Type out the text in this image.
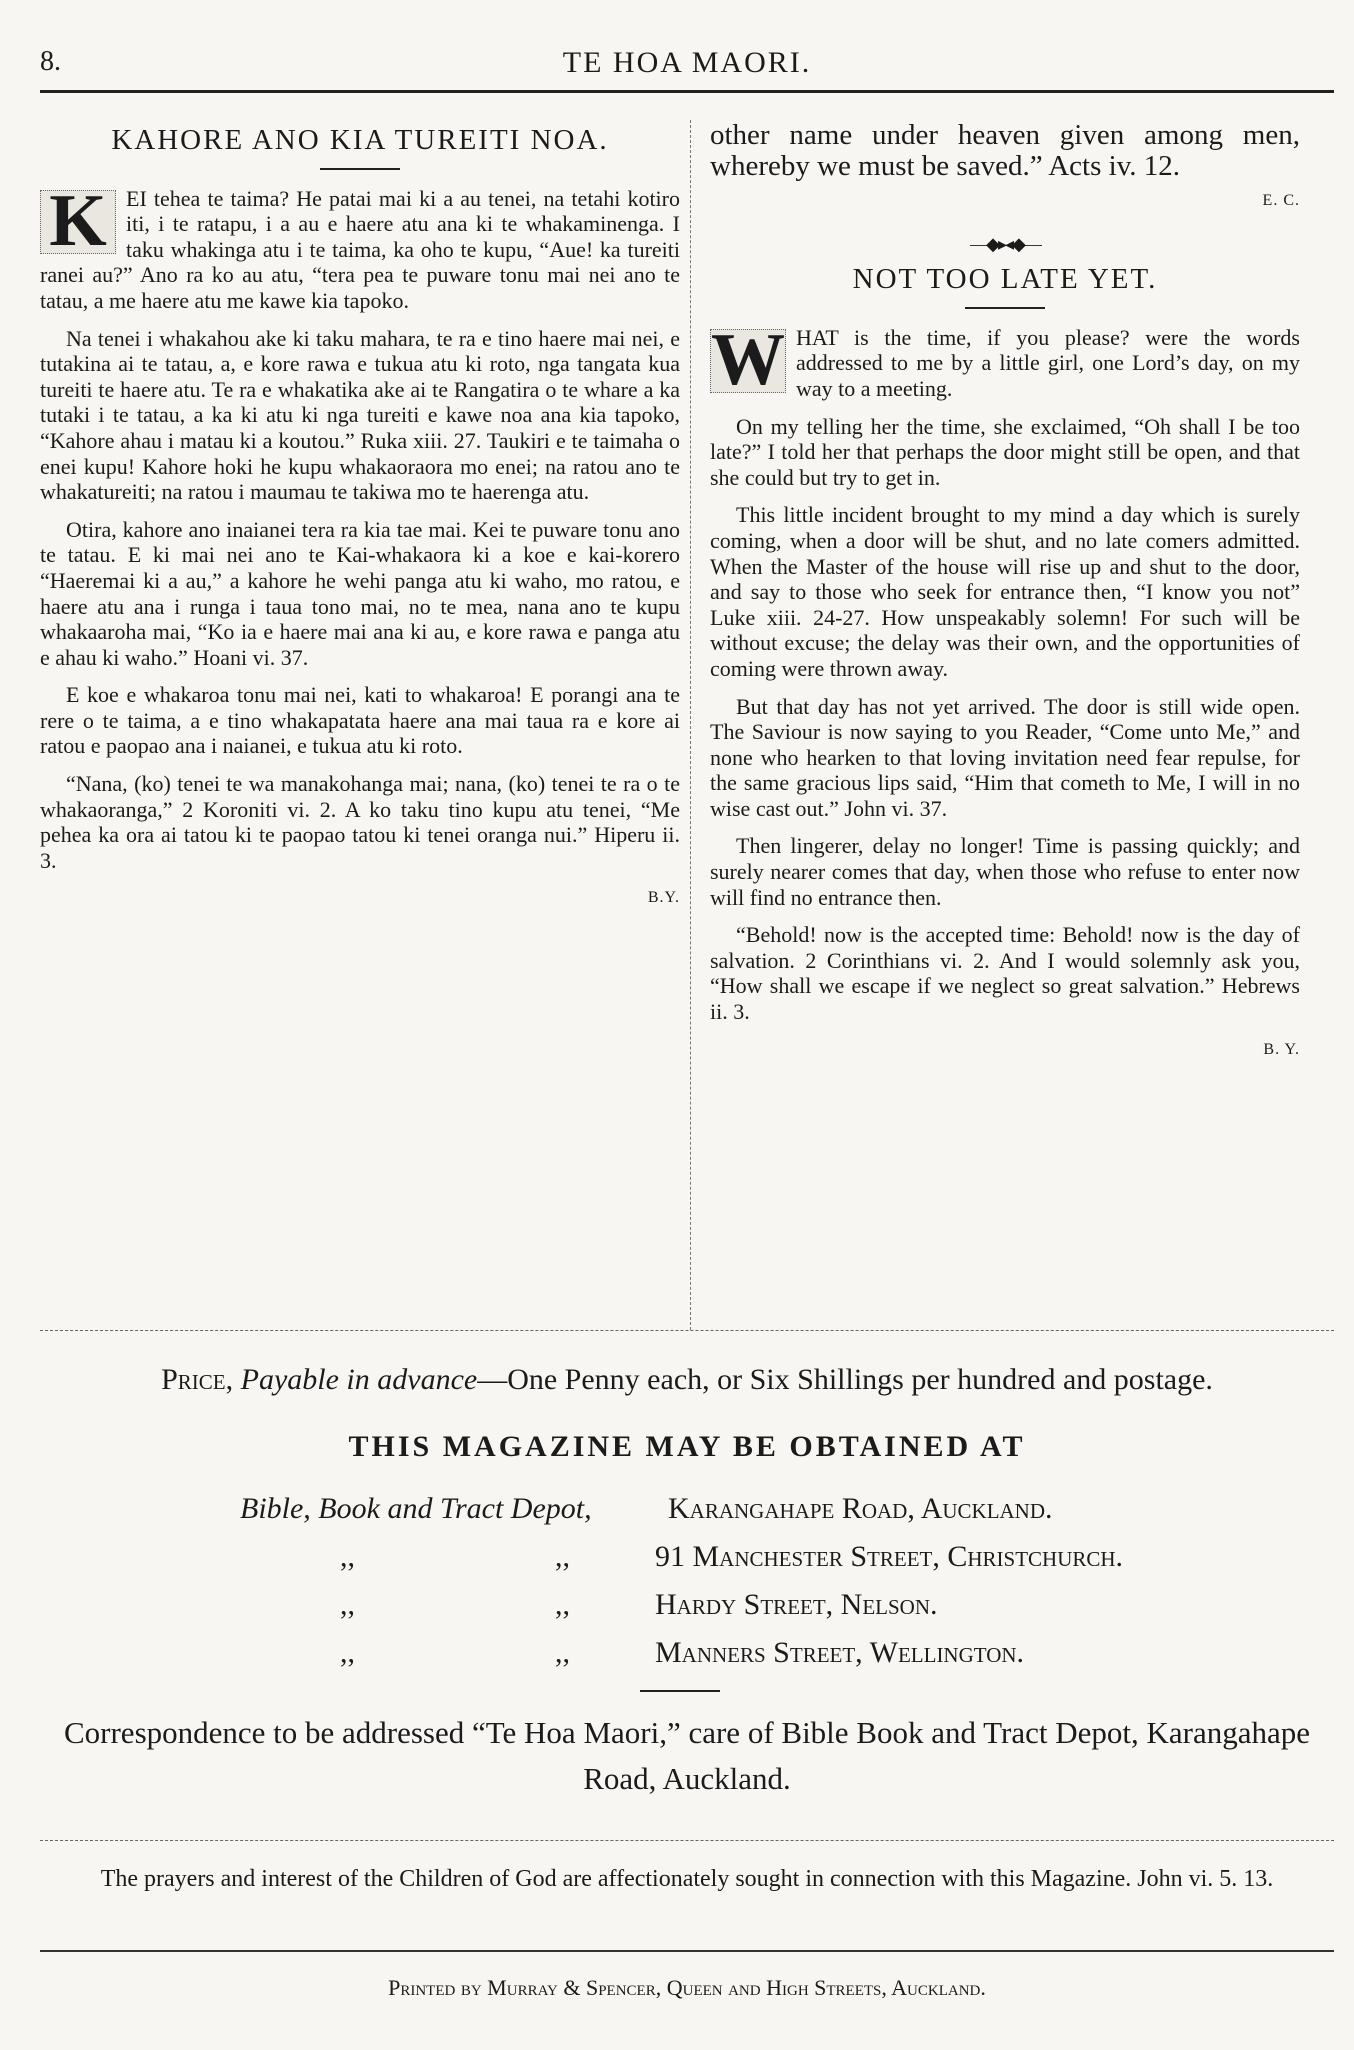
8.	TE HOA MAORI.
KAHORE ANO KIA TUREITI NOA.

K EI tehea te taima? He patai mai ki a au tenei, na tetahi kotiro iti, i te ratapu, i a au e haere atu ana ki te whakaminenga. I taku whakinga atu i te taima, ka oho te kupu, “Aue! ka tureiti ranei au?” Ano ra ko au atu, “tera pea te puware tonu mai nei ano te tatau, a me haere atu me kawe kia tapoko.

Na tenei i whakahou ake ki taku mahara, te ra e tino haere mai nei, e tutakina ai te tatau, a, e kore rawa e tukua atu ki roto, nga tangata kua tureiti te haere atu. Te ra e whakatika ake ai te Rangatira o te whare a ka tutaki i te tatau, a ka ki atu ki nga tureiti e kawe noa ana kia tapoko, “Kahore ahau i matau ki a koutou.” Ruka xiii. 27. Taukiri e te taimaha o enei kupu! Kahore hoki he kupu whakaoraora mo enei; na ratou ano te whakatureiti; na ratou i maumau te takiwa mo te haerenga atu.

Otira, kahore ano inaianei tera ra kia tae mai. Kei te puware tonu ano te tatau. E ki mai nei ano te Kai-whakaora ki a koe e kai-korero “Haeremai ki a au,” a kahore he wehi panga atu ki waho, mo ratou, e haere atu ana i runga i taua tono mai, no te mea, nana ano te kupu whakaaroha mai, “Ko ia e haere mai ana ki au, e kore rawa e panga atu e ahau ki waho.” Hoani vi. 37.

E koe e whakaroa tonu mai nei, kati to whakaroa! E porangi ana te rere o te taima, a e tino whakapatata haere ana mai taua ra e kore ai ratou e paopao ana i naianei, e tukua atu ki roto.

“Nana, (ko) tenei te wa manakohanga mai; nana, (ko) tenei te ra o te whakaoranga,” 2 Koroniti vi. 2. A ko taku tino kupu atu tenei, “Me pehea ka ora ai tatou ki te paopao tatou ki tenei oranga nui.” Hiperu ii. 3.

B.Y.

other name under heaven given among men, whereby we must be saved.” Acts iv. 12.

E. C.
—◆▸◂◆—
NOT TOO LATE YET.

W HAT is the time, if you please? were the words addressed to me by a little girl, one Lord’s day, on my way to a meeting.

On my telling her the time, she exclaimed, “Oh shall I be too late?” I told her that perhaps the door might still be open, and that she could but try to get in.

This little incident brought to my mind a day which is surely coming, when a door will be shut, and no late comers admitted. When the Master of the house will rise up and shut to the door, and say to those who seek for entrance then, “I know you not” Luke xiii. 24-27. How unspeakably solemn! For such will be without excuse; the delay was their own, and the opportunities of coming were thrown away.

But that day has not yet arrived. The door is still wide open. The Saviour is now saying to you Reader, “Come unto Me,” and none who hearken to that loving invitation need fear repulse, for the same gracious lips said, “Him that cometh to Me, I will in no wise cast out.” John vi. 37.

Then lingerer, delay no longer! Time is passing quickly; and surely nearer comes that day, when those who refuse to enter now will find no entrance then.

“Behold! now is the accepted time: Behold! now is the day of salvation. 2 Corinthians vi. 2. And I would solemnly ask you, “How shall we escape if we neglect so great salvation.” Hebrews ii. 3.

B. Y.
Price, Payable in advance—One Penny each, or Six Shillings per hundred and postage.
THIS MAGAZINE MAY BE OBTAINED AT
Bible, Book and Tract Depot,	Karangahape Road, Auckland.
,,	,,	91 Manchester Street, Christchurch.
,,	,,	Hardy Street, Nelson.
,,	,,	Manners Street, Wellington.
Correspondence to be addressed “Te Hoa Maori,” care of Bible Book and Tract Depot, Karangahape Road, Auckland.
The prayers and interest of the Children of God are affectionately sought in connection with this Magazine. John vi. 5. 13.
Printed by Murray & Spencer, Queen and High Streets, Auckland.
